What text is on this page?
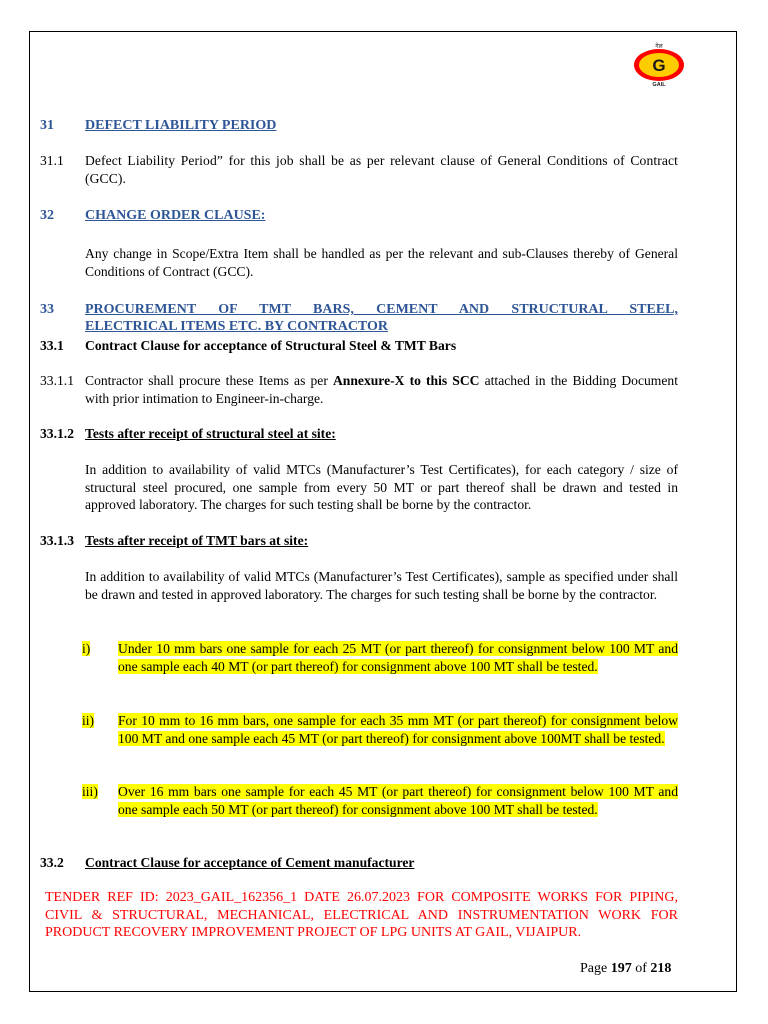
G
गेल
GAIL
31 DEFECT LIABILITY PERIOD
31.1 Defect Liability Period” for this job shall be as per relevant clause of General Conditions of Contract (GCC).
32 CHANGE ORDER CLAUSE:
Any change in Scope/Extra Item shall be handled as per the relevant and sub-Clauses thereby of General Conditions of Contract (GCC).
33 PROCUREMENT OF TMT BARS, CEMENT AND STRUCTURAL STEEL,
ELECTRICAL ITEMS ETC. BY CONTRACTOR
33.1 Contract Clause for acceptance of Structural Steel & TMT Bars
33.1.1 Contractor shall procure these Items as per Annexure-X to this SCC attached in the Bidding Document with prior intimation to Engineer-in-charge.
33.1.2 Tests after receipt of structural steel at site:
In addition to availability of valid MTCs (Manufacturer’s Test Certificates), for each category / size of structural steel procured, one sample from every 50 MT or part thereof shall be drawn and tested in approved laboratory. The charges for such testing shall be borne by the contractor.
33.1.3 Tests after receipt of TMT bars at site:
In addition to availability of valid MTCs (Manufacturer’s Test Certificates), sample as specified under shall be drawn and tested in approved laboratory. The charges for such testing shall be borne by the contractor.
i) Under 10 mm bars one sample for each 25 MT (or part thereof) for consignment below 100 MT and one sample each 40 MT (or part thereof) for consignment above 100 MT shall be tested.
ii) For 10 mm to 16 mm bars, one sample for each 35 mm MT (or part thereof) for consignment below 100 MT and one sample each 45 MT (or part thereof) for consignment above 100MT shall be tested.
iii) Over 16 mm bars one sample for each 45 MT (or part thereof) for consignment below 100 MT and one sample each 50 MT (or part thereof) for consignment above 100 MT shall be tested.
33.2 Contract Clause for acceptance of Cement manufacturer
TENDER REF ID: 2023_GAIL_162356_1 DATE 26.07.2023 FOR COMPOSITE WORKS FOR PIPING, CIVIL & STRUCTURAL, MECHANICAL, ELECTRICAL AND INSTRUMENTATION WORK FOR PRODUCT RECOVERY IMPROVEMENT PROJECT OF LPG UNITS AT GAIL, VIJAIPUR.
Page 197 of 218
